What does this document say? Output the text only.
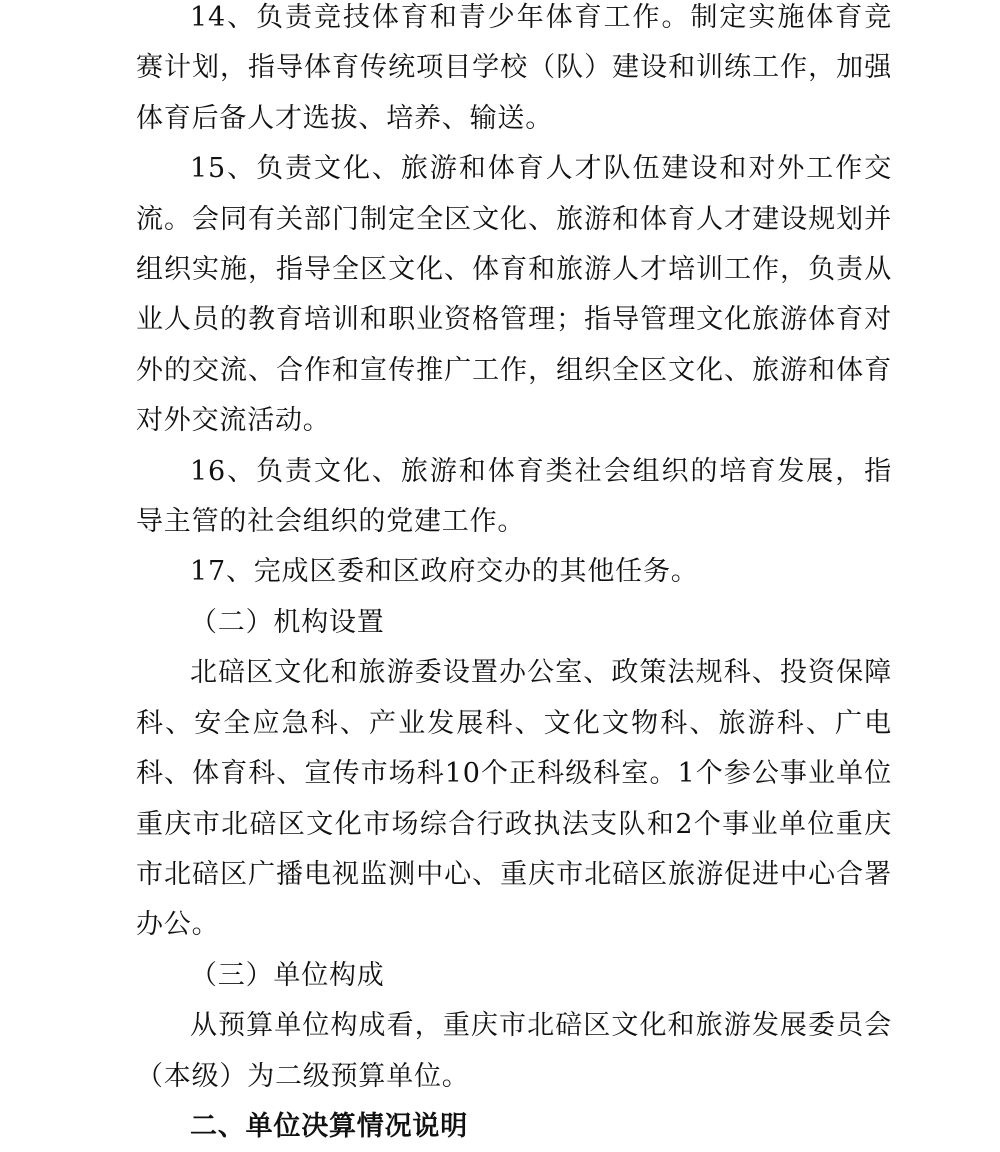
14、负责竞技体育和青少年体育工作。制定实施体育竞赛计划，指导体育传统项目学校（队）建设和训练工作，加强体育后备人才选拔、培养、输送。

15、负责文化、旅游和体育人才队伍建设和对外工作交流。会同有关部门制定全区文化、旅游和体育人才建设规划并组织实施，指导全区文化、体育和旅游人才培训工作，负责从业人员的教育培训和职业资格管理；指导管理文化旅游体育对外的交流、合作和宣传推广工作，组织全区文化、旅游和体育对外交流活动。

16、负责文化、旅游和体育类社会组织的培育发展，指导主管的社会组织的党建工作。

17、完成区委和区政府交办的其他任务。

（二）机构设置

北碚区文化和旅游委设置办公室、政策法规科、投资保障科、安全应急科、产业发展科、文化文物科、旅游科、广电科、体育科、宣传市场科10个正科级科室。1个参公事业单位重庆市北碚区文化市场综合行政执法支队和2个事业单位重庆市北碚区广播电视监测中心、重庆市北碚区旅游促进中心合署办公。

（三）单位构成

从预算单位构成看，重庆市北碚区文化和旅游发展委员会（本级）为二级预算单位。

二、单位决算情况说明
